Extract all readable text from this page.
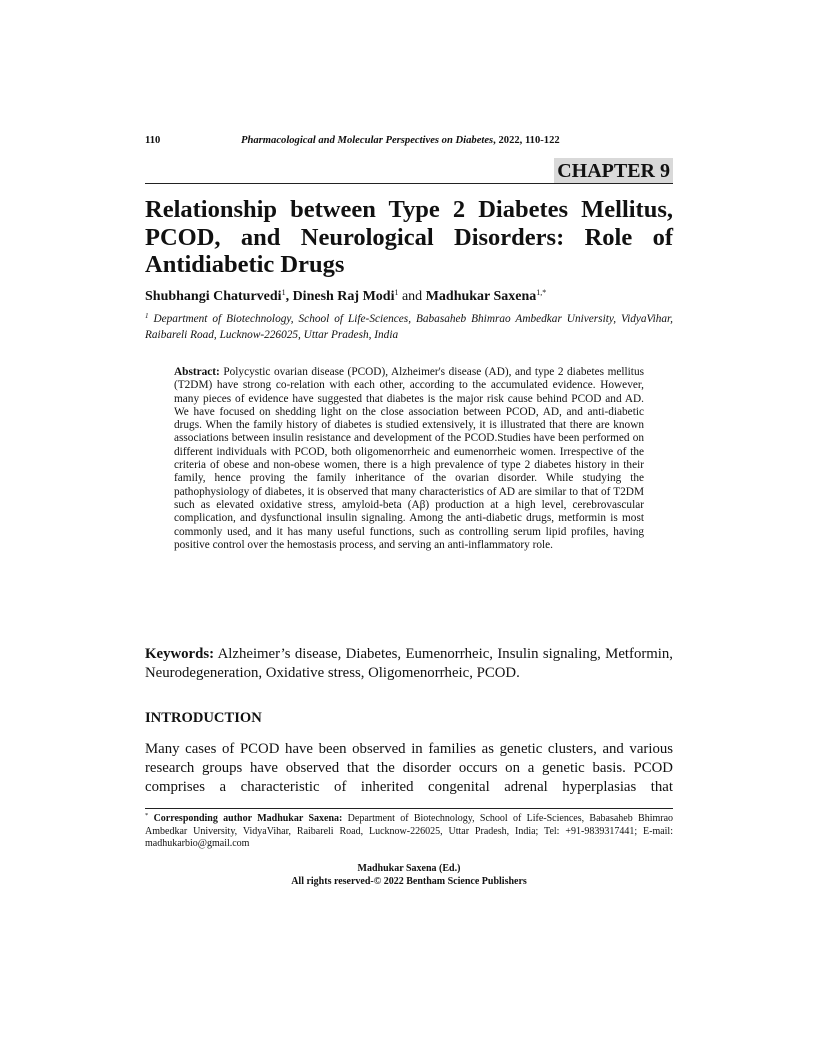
110	Pharmacological and Molecular Perspectives on Diabetes, 2022, 110-122
CHAPTER 9
Relationship between Type 2 Diabetes Mellitus, PCOD, and Neurological Disorders: Role of Antidiabetic Drugs
Shubhangi Chaturvedi$^1$, Dinesh Raj Modi$^1$ and Madhukar Saxena$^{1,*}$
$^1$ Department of Biotechnology, School of Life-Sciences, Babasaheb Bhimrao Ambedkar University, VidyaVihar, Raibareli Road, Lucknow-226025, Uttar Pradesh, India
Abstract: Polycystic ovarian disease (PCOD), Alzheimer's disease (AD), and type 2 diabetes mellitus (T2DM) have strong co-relation with each other, according to the accumulated evidence. However, many pieces of evidence have suggested that diabetes is the major risk cause behind PCOD and AD. We have focused on shedding light on the close association between PCOD, AD, and anti-diabetic drugs. When the family history of diabetes is studied extensively, it is illustrated that there are known associations between insulin resistance and development of the PCOD.Studies have been performed on different individuals with PCOD, both oligomenorrheic and eumenorrheic women. Irrespective of the criteria of obese and non-obese women, there is a high prevalence of type 2 diabetes history in their family, hence proving the family inheritance of the ovarian disorder. While studying the pathophysiology of diabetes, it is observed that many characteristics of AD are similar to that of T2DM such as elevated oxidative stress, amyloid-beta (Aβ) production at a high level, cerebrovascular complication, and dysfunctional insulin signaling. Among the anti-diabetic drugs, metformin is most commonly used, and it has many useful functions, such as controlling serum lipid profiles, having positive control over the hemostasis process, and serving an anti-inflammatory role.
Keywords: Alzheimer’s disease, Diabetes, Eumenorrheic, Insulin signaling, Metformin, Neurodegeneration, Oxidative stress, Oligomenorrheic, PCOD.
INTRODUCTION
Many cases of PCOD have been observed in families as genetic clusters, and various research groups have observed that the disorder occurs on a genetic basis. PCOD comprises a characteristic of inherited congenital adrenal hyperplasias that
* Corresponding author Madhukar Saxena: Department of Biotechnology, School of Life-Sciences, Babasaheb Bhimrao Ambedkar University, VidyaVihar, Raibareli Road, Lucknow-226025, Uttar Pradesh, India; Tel: +91-9839317441; E-mail: madhukarbio@gmail.com
Madhukar Saxena (Ed.)
All rights reserved-© 2022 Bentham Science Publishers
